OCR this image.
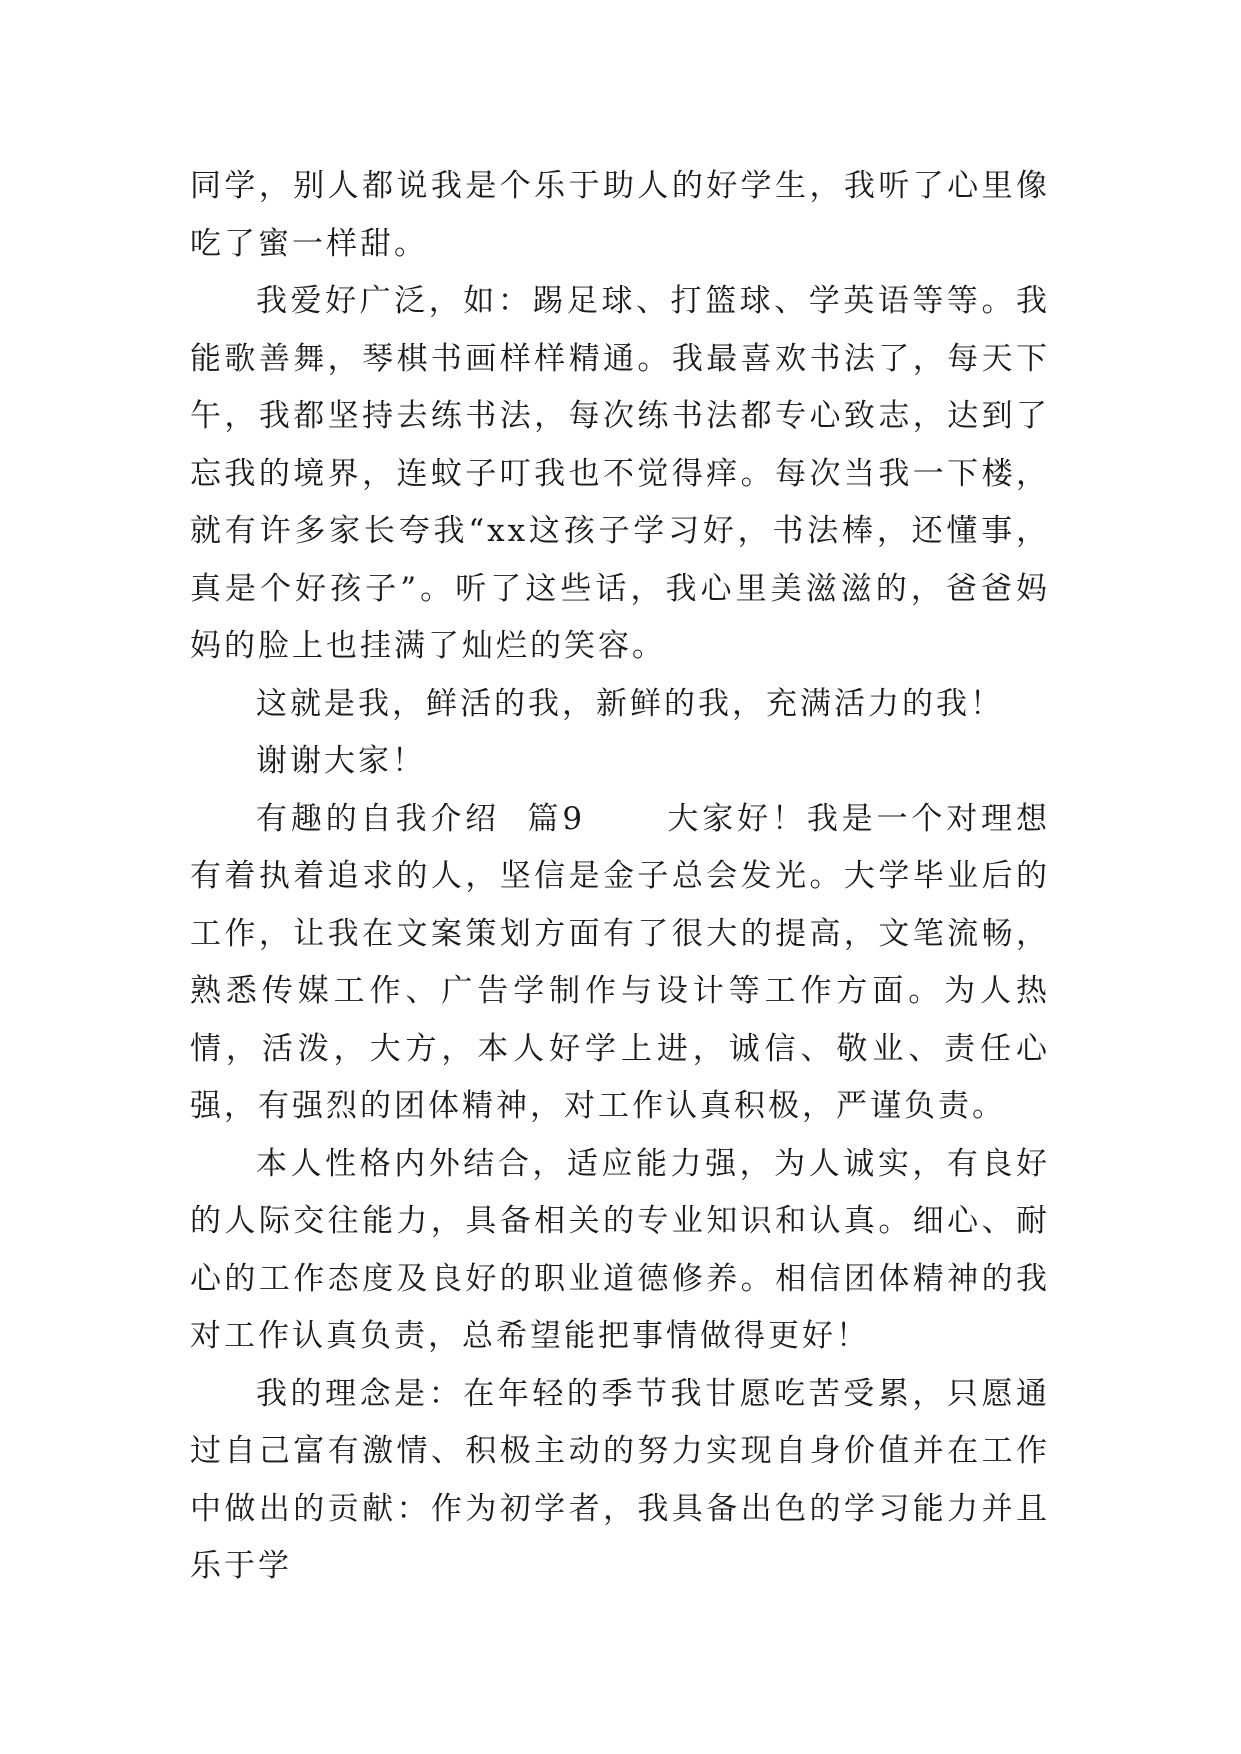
同学，别人都说我是个乐于助人的好学生，我听了心里像吃了蜜一样甜。

我爱好广泛，如：踢足球、打篮球、学英语等等。我能歌善舞，琴棋书画样样精通。我最喜欢书法了，每天下午，我都坚持去练书法，每次练书法都专心致志，达到了忘我的境界，连蚊子叮我也不觉得痒。每次当我一下楼，就有许多家长夸我“xx这孩子学习好，书法棒，还懂事，真是个好孩子”。听了这些话，我心里美滋滋的，爸爸妈妈的脸上也挂满了灿烂的笑容。

这就是我，鲜活的我，新鲜的我，充满活力的我！

谢谢大家！

有趣的自我介绍  篇9      大家好！我是一个对理想有着执着追求的人，坚信是金子总会发光。大学毕业后的工作，让我在文案策划方面有了很大的提高，文笔流畅，熟悉传媒工作、广告学制作与设计等工作方面。为人热情，活泼，大方，本人好学上进，诚信、敬业、责任心强，有强烈的团体精神，对工作认真积极，严谨负责。

本人性格内外结合，适应能力强，为人诚实，有良好的人际交往能力，具备相关的专业知识和认真。细心、耐心的工作态度及良好的职业道德修养。相信团体精神的我对工作认真负责，总希望能把事情做得更好！

我的理念是：在年轻的季节我甘愿吃苦受累，只愿通过自己富有激情、积极主动的努力实现自身价值并在工作中做出的贡献：作为初学者，我具备出色的学习能力并且乐于学
